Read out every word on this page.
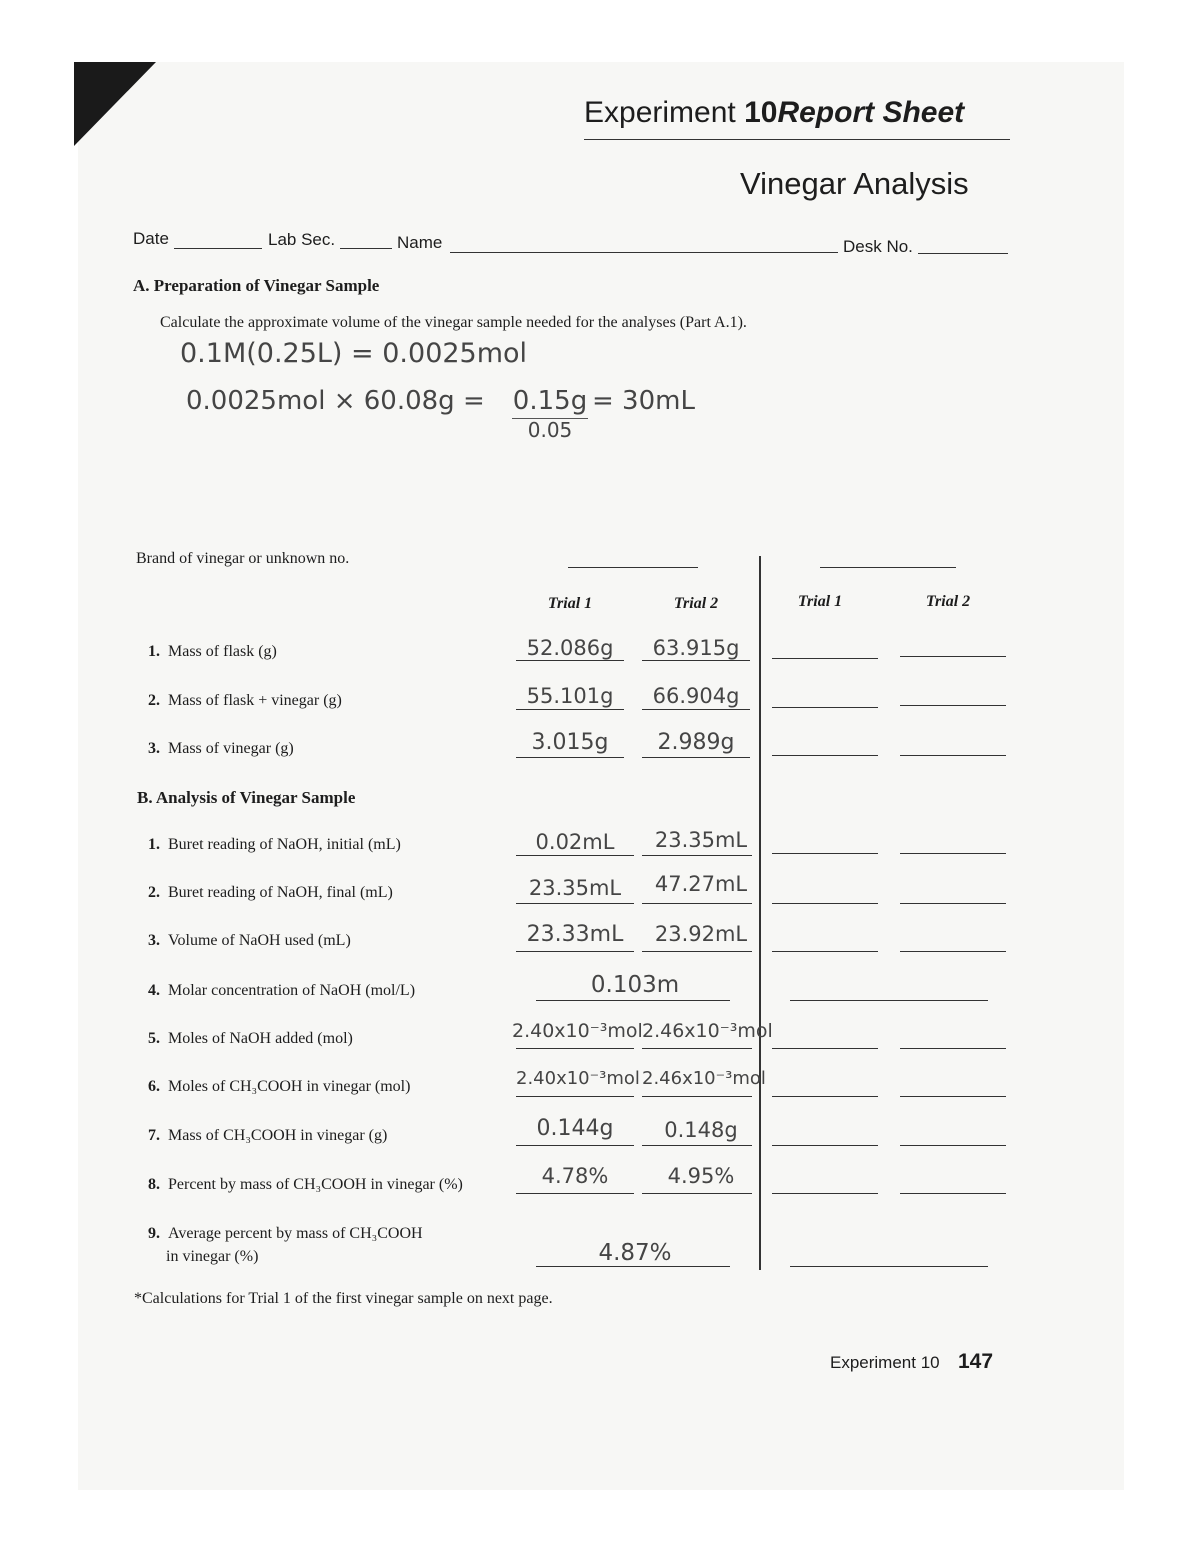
Experiment 10Report Sheet
Vinegar Analysis
Date	Lab Sec.	Name	Desk No.
A. Preparation of Vinegar Sample
Calculate the approximate volume of the vinegar sample needed for the analyses (Part A.1).
0.1M(0.25L) = 0.0025mol
0.0025mol × 60.08g = 0.15g
0.05
= 30mL
Brand of vinegar or unknown no.
Trial 1	Trial 2	Trial 1	Trial 2
1. Mass of flask (g)	52.086g	63.915g
2. Mass of flask + vinegar (g)	55.101g	66.904g
3. Mass of vinegar (g)	3.015g	2.989g
B. Analysis of Vinegar Sample
1. Buret reading of NaOH, initial (mL)	0.02mL	23.35mL
2. Buret reading of NaOH, final (mL)	23.35mL	47.27mL
3. Volume of NaOH used (mL)	23.33mL	23.92mL
4. Molar concentration of NaOH (mol/L)	0.103m
5. Moles of NaOH added (mol)	2.40x10⁻³mol 2.46x10⁻³mol
6. Moles of CH₃COOH in vinegar (mol)	2.40x10⁻³mol 2.46x10⁻³mol
7. Mass of CH₃COOH in vinegar (g)	0.144g	0.148g
8. Percent by mass of CH₃COOH in vinegar (%)	4.78%	4.95%
9. Average percent by mass of CH₃COOH
in vinegar (%)	4.87%
*Calculations for Trial 1 of the first vinegar sample on next page.
Experiment 10 147
